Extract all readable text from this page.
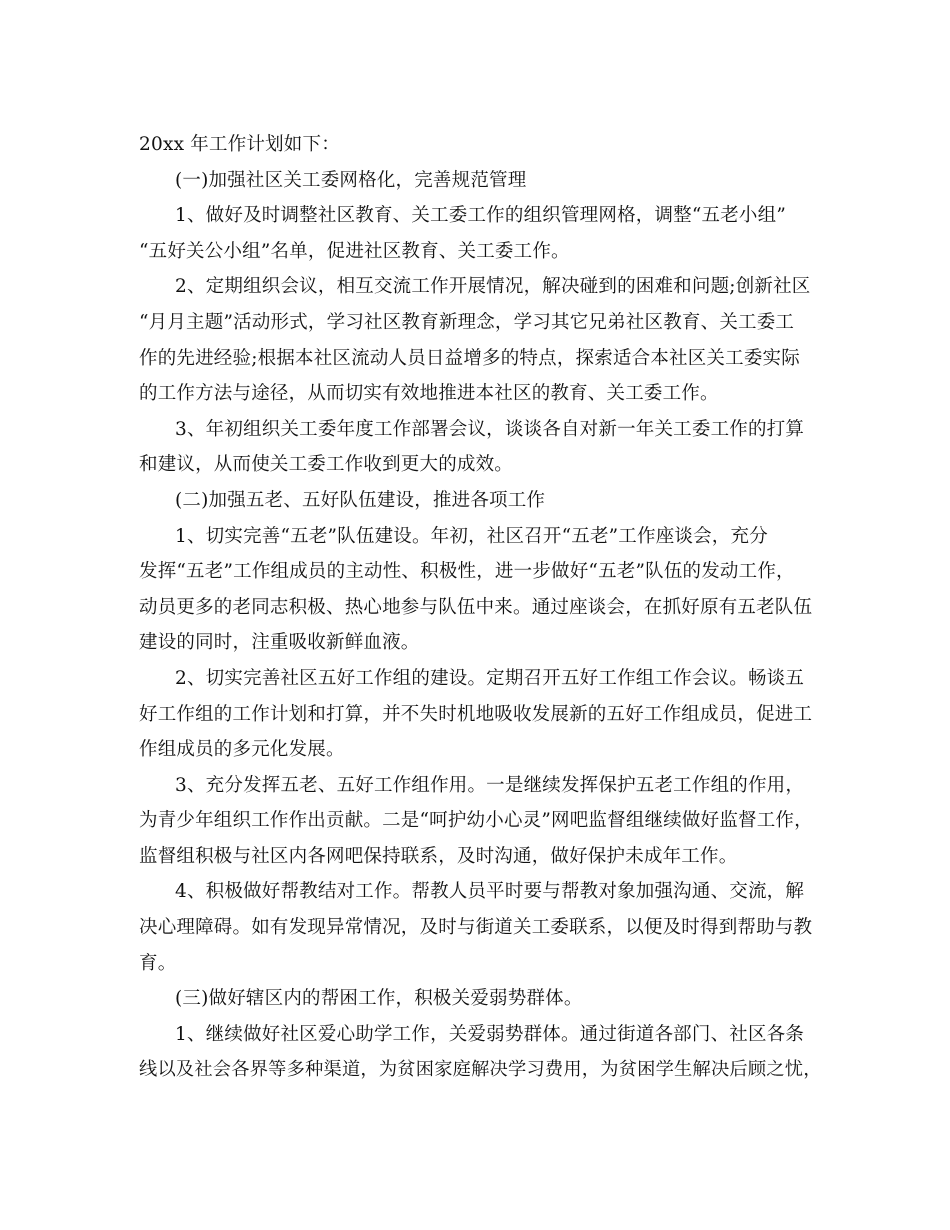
20xx 年工作计划如下：
(一)加强社区关工委网格化，完善规范管理
1、做好及时调整社区教育、关工委工作的组织管理网格，调整“五老小组”
“五好关公小组”名单，促进社区教育、关工委工作。
2、定期组织会议，相互交流工作开展情况，解决碰到的困难和问题;创新社区
“月月主题”活动形式，学习社区教育新理念，学习其它兄弟社区教育、关工委工
作的先进经验;根据本社区流动人员日益增多的特点，探索适合本社区关工委实际
的工作方法与途径，从而切实有效地推进本社区的教育、关工委工作。
3、年初组织关工委年度工作部署会议，谈谈各自对新一年关工委工作的打算
和建议，从而使关工委工作收到更大的成效。
(二)加强五老、五好队伍建设，推进各项工作
1、切实完善“五老”队伍建设。年初，社区召开“五老”工作座谈会，充分
发挥“五老”工作组成员的主动性、积极性，进一步做好“五老”队伍的发动工作，
动员更多的老同志积极、热心地参与队伍中来。通过座谈会，在抓好原有五老队伍
建设的同时，注重吸收新鲜血液。
2、切实完善社区五好工作组的建设。定期召开五好工作组工作会议。畅谈五
好工作组的工作计划和打算，并不失时机地吸收发展新的五好工作组成员，促进工
作组成员的多元化发展。
3、充分发挥五老、五好工作组作用。一是继续发挥保护五老工作组的作用，
为青少年组织工作作出贡献。二是“呵护幼小心灵”网吧监督组继续做好监督工作，
监督组积极与社区内各网吧保持联系，及时沟通，做好保护未成年工作。
4、积极做好帮教结对工作。帮教人员平时要与帮教对象加强沟通、交流，解
决心理障碍。如有发现异常情况，及时与街道关工委联系，以便及时得到帮助与教
育。
(三)做好辖区内的帮困工作，积极关爱弱势群体。
1、继续做好社区爱心助学工作，关爱弱势群体。通过街道各部门、社区各条
线以及社会各界等多种渠道，为贫困家庭解决学习费用，为贫困学生解决后顾之忧，
